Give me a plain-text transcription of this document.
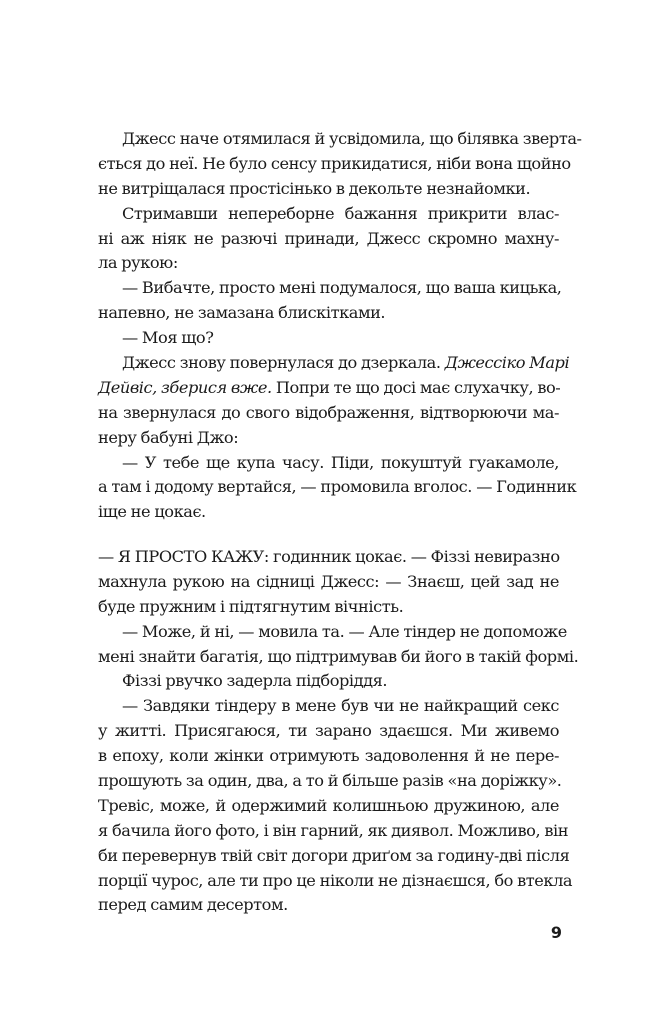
Джесс наче отямилася й усвідомила, що білявка зверта-
ється до неї. Не було сенсу прикидатися, ніби вона щойно
не витріщалася простісінько в декольте незнайомки.
Стримавши непереборне бажання прикрити влас-
ні аж ніяк не разючі принади, Джесс скромно махну-
ла рукою:
— Вибачте, просто мені подумалося, що ваша кицька,
напевно, не замазана блискітками.
— Моя що?
Джесс знову повернулася до дзеркала. Джессіко Марі
Дейвіс, зберися вже. Попри те що досі має слухачку, во-
на звернулася до свого відображення, відтворюючи ма-
неру бабуні Джо:
— У тебе ще купа часу. Піди, покуштуй гуакамоле,
а там і додому вертайся, — промовила вголос. — Годинник
іще не цокає.
— Я ПРОСТО КАЖУ: годинник цокає. — Фіззі невиразно
махнула рукою на сідниці Джесс: — Знаєш, цей зад не
буде пружним і підтягнутим вічність.
— Може, й ні, — мовила та. — Але тіндер не допоможе
мені знайти багатія, що підтримував би його в такій формі.
Фіззі рвучко задерла підборіддя.
— Завдяки тіндеру в мене був чи не найкращий секс
у житті. Присягаюся, ти зарано здаєшся. Ми живемо
в епоху, коли жінки отримують задоволення й не пере-
прошують за один, два, а то й більше разів «на доріжку».
Тревіс, може, й одержимий колишньою дружиною, але
я бачила його фото, і він гарний, як диявол. Можливо, він
би перевернув твій світ догори дриґом за годину-дві після
порції чурос, але ти про це ніколи не дізнаєшся, бо втекла
перед самим десертом.
9
